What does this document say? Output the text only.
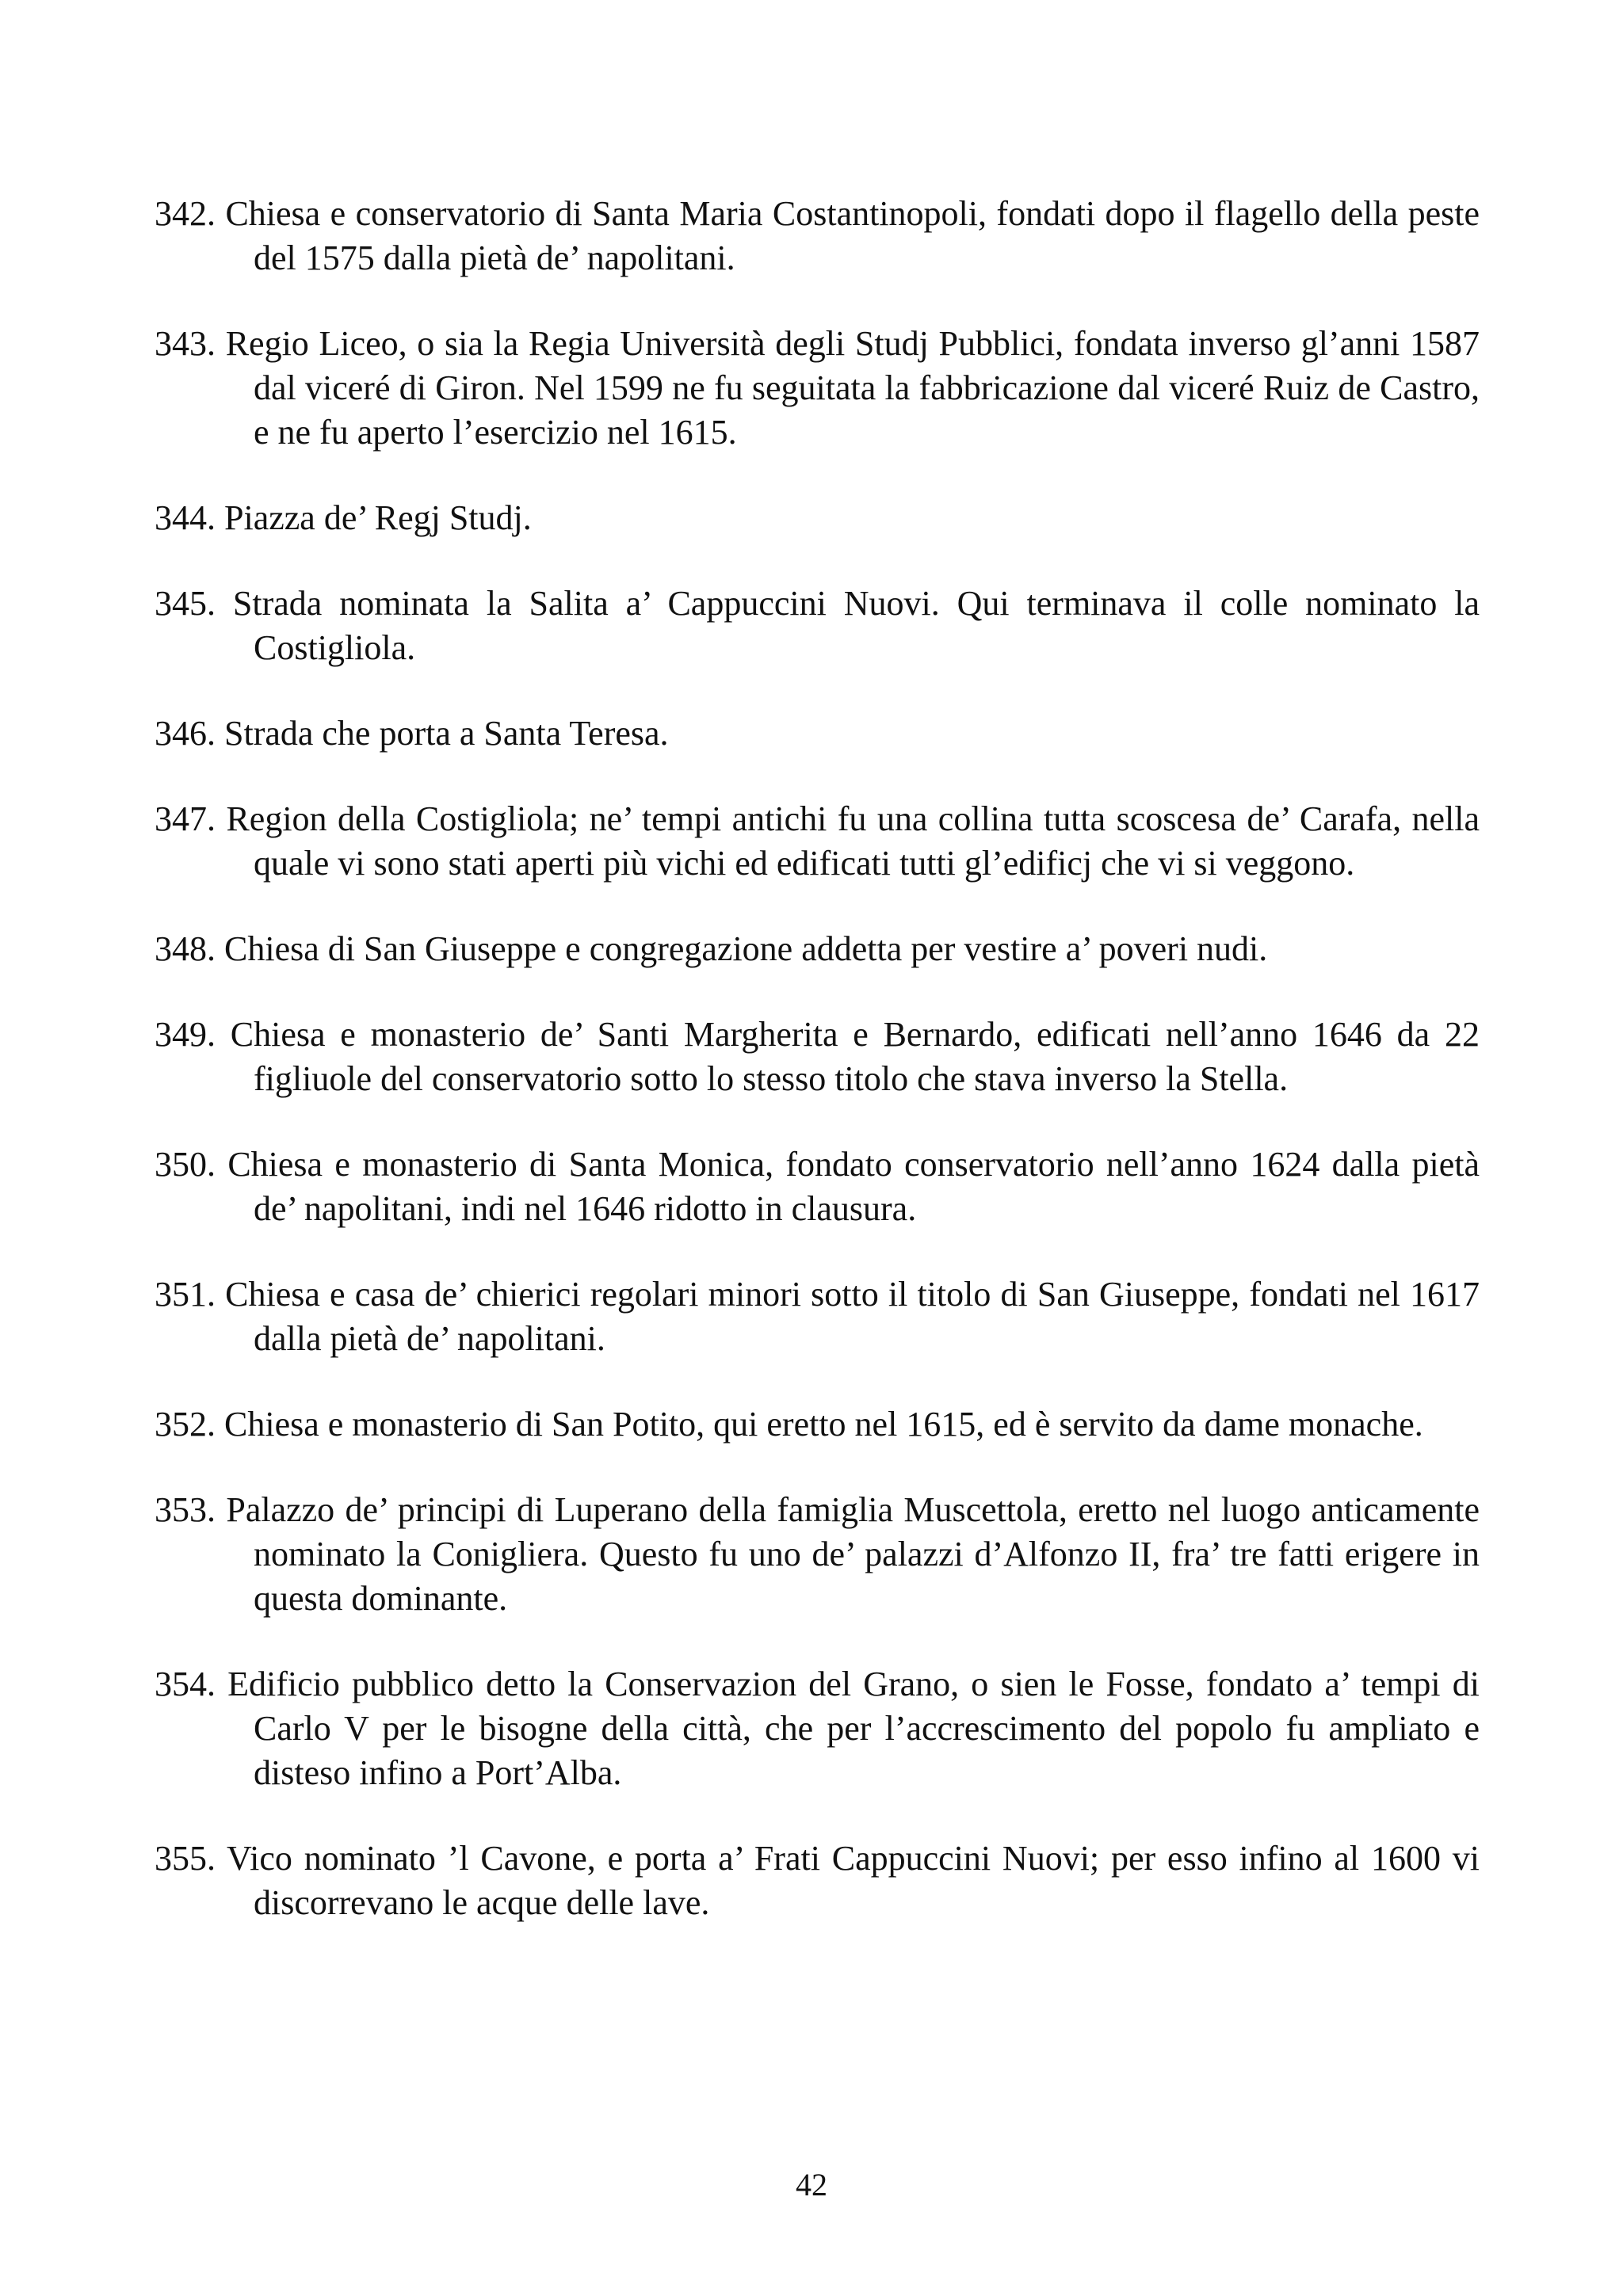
342. Chiesa e conservatorio di Santa Maria Costantinopoli, fondati dopo il flagello della peste del 1575 dalla pietà de’ napolitani.

343. Regio Liceo, o sia la Regia Università degli Studj Pubblici, fondata inverso gl’anni 1587 dal viceré di Giron. Nel 1599 ne fu seguitata la fabbricazione dal viceré Ruiz de Castro, e ne fu aperto l’esercizio nel 1615.

344. Piazza de’ Regj Studj.

345. Strada nominata la Salita a’ Cappuccini Nuovi. Qui terminava il colle nominato la Costigliola.

346. Strada che porta a Santa Teresa.

347. Region della Costigliola; ne’ tempi antichi fu una collina tutta scoscesa de’ Carafa, nella quale vi sono stati aperti più vichi ed edificati tutti gl’edificj che vi si veggono.

348. Chiesa di San Giuseppe e congregazione addetta per vestire a’ poveri nudi.

349. Chiesa e monasterio de’ Santi Margherita e Bernardo, edificati nell’anno 1646 da 22 figliuole del conservatorio sotto lo stesso titolo che stava inverso la Stella.

350. Chiesa e monasterio di Santa Monica, fondato conservatorio nell’anno 1624 dalla pietà de’ napolitani, indi nel 1646 ridotto in clausura.

351. Chiesa e casa de’ chierici regolari minori sotto il titolo di San Giuseppe, fondati nel 1617 dalla pietà de’ napolitani.

352. Chiesa e monasterio di San Potito, qui eretto nel 1615, ed è servito da dame monache.

353. Palazzo de’ principi di Luperano della famiglia Muscettola, eretto nel luogo anticamente nominato la Conigliera. Questo fu uno de’ palazzi d’Alfonzo II, fra’ tre fatti erigere in questa dominante.

354. Edificio pubblico detto la Conservazion del Grano, o sien le Fosse, fondato a’ tempi di Carlo V per le bisogne della città, che per l’accrescimento del popolo fu ampliato e disteso infino a Port’Alba.

355. Vico nominato ’l Cavone, e porta a’ Frati Cappuccini Nuovi; per esso infino al 1600 vi discorrevano le acque delle lave.

42
